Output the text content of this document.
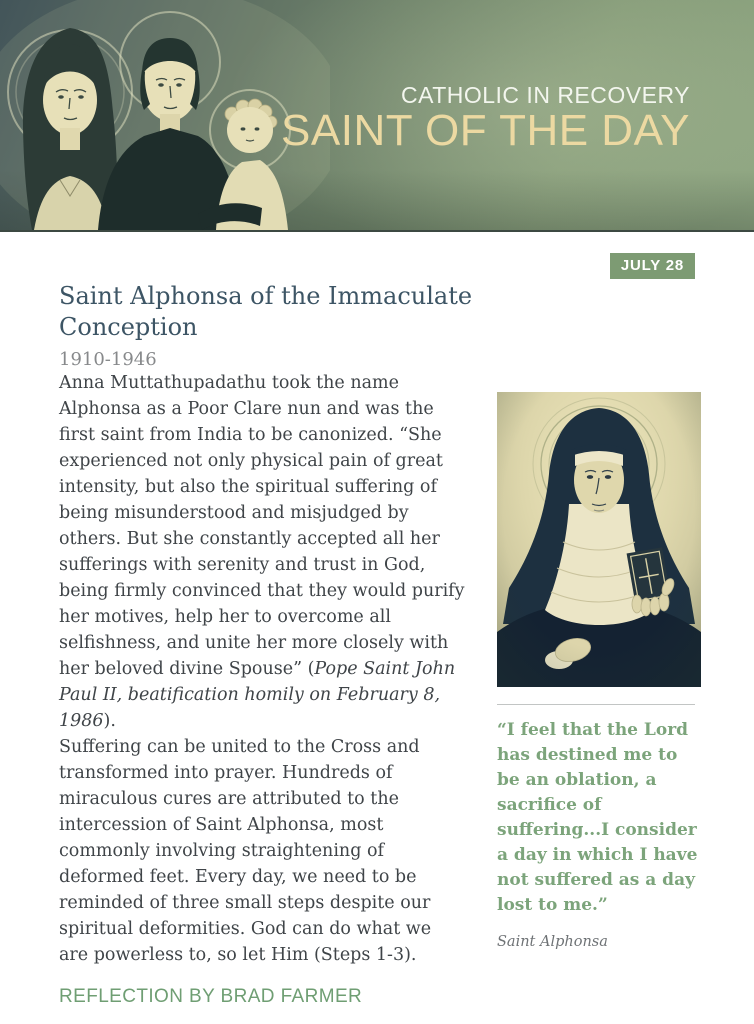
CATHOLIC IN RECOVERY
SAINT OF THE DAY
JULY 28
Saint Alphonsa of the Immaculate Conception
1910-1946

Anna Muttathupadathu took the name Alphonsa as a Poor Clare nun and was the first saint from India to be canonized. “She experienced not only physical pain of great intensity, but also the spiritual suffering of being misunderstood and misjudged by others. But she constantly accepted all her sufferings with serenity and trust in God, being firmly convinced that they would purify her motives, help her to overcome all selfishness, and unite her more closely with her beloved divine Spouse” (Pope Saint John Paul II, beatification homily on February 8, 1986).

Suffering can be united to the Cross and transformed into prayer. Hundreds of miraculous cures are attributed to the intercession of Saint Alphonsa, most commonly involving straightening of deformed feet. Every day, we need to be reminded of three small steps despite our spiritual deformities. God can do what we are powerless to, so let Him (Steps 1-3).

REFLECTION BY BRAD FARMER
“I feel that the Lord has destined me to be an oblation, a sacrifice of suffering...I consider a day in which I have not suffered as a day lost to me.”
Saint Alphonsa
